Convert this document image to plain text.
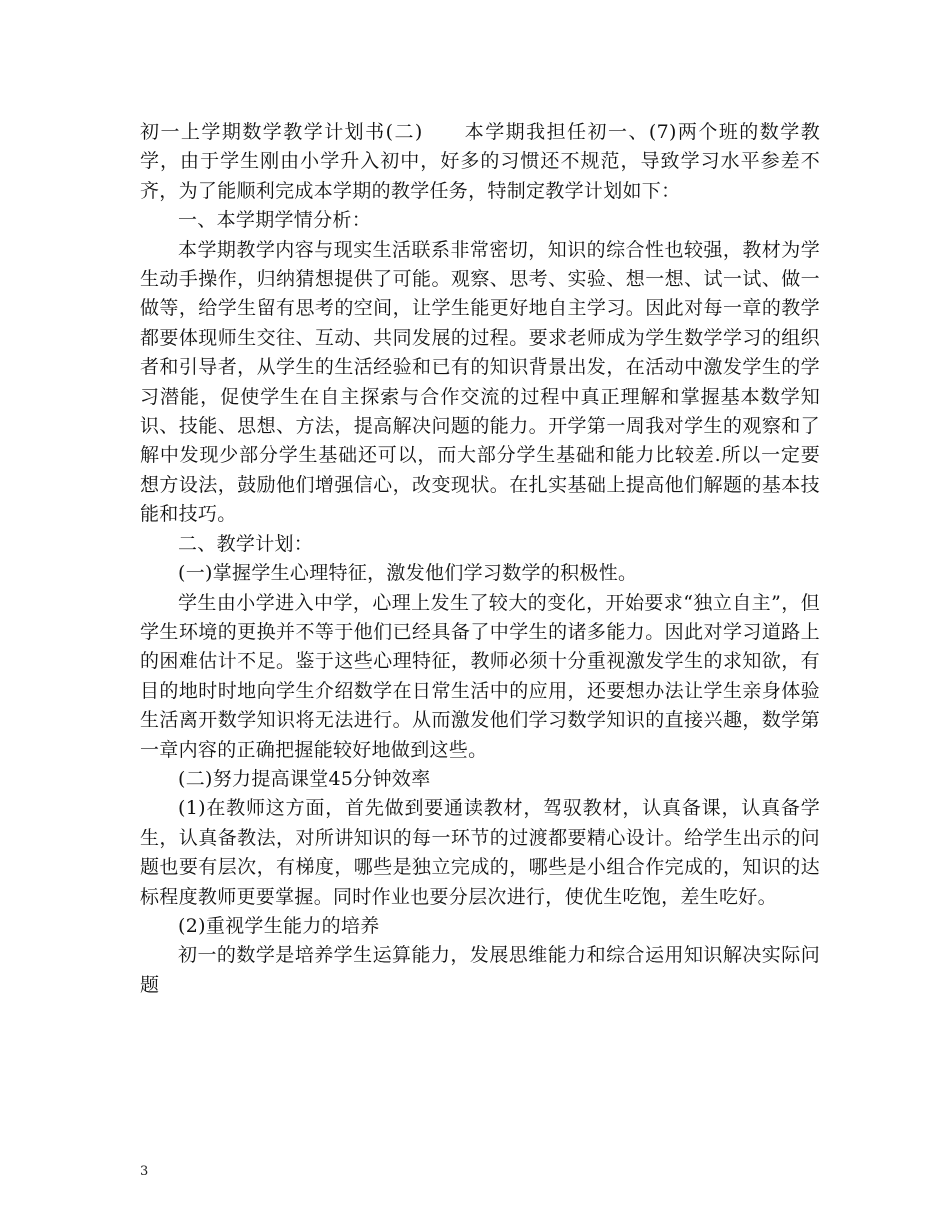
初一上学期数学教学计划书(二)　　本学期我担任初一、(7)两个班的数学教学，由于学生刚由小学升入初中，好多的习惯还不规范，导致学习水平参差不齐，为了能顺利完成本学期的教学任务，特制定教学计划如下：

一、本学期学情分析：

本学期教学内容与现实生活联系非常密切，知识的综合性也较强，教材为学生动手操作，归纳猜想提供了可能。观察、思考、实验、想一想、试一试、做一做等，给学生留有思考的空间，让学生能更好地自主学习。因此对每一章的教学都要体现师生交往、互动、共同发展的过程。要求老师成为学生数学学习的组织者和引导者，从学生的生活经验和已有的知识背景出发，在活动中激发学生的学习潜能，促使学生在自主探索与合作交流的过程中真正理解和掌握基本数学知识、技能、思想、方法，提高解决问题的能力。开学第一周我对学生的观察和了解中发现少部分学生基础还可以，而大部分学生基础和能力比较差.所以一定要想方设法，鼓励他们增强信心，改变现状。在扎实基础上提高他们解题的基本技能和技巧。

二、教学计划：

(一)掌握学生心理特征，激发他们学习数学的积极性。

学生由小学进入中学，心理上发生了较大的变化，开始要求“独立自主”，但学生环境的更换并不等于他们已经具备了中学生的诸多能力。因此对学习道路上的困难估计不足。鉴于这些心理特征，教师必须十分重视激发学生的求知欲，有目的地时时地向学生介绍数学在日常生活中的应用，还要想办法让学生亲身体验生活离开数学知识将无法进行。从而激发他们学习数学知识的直接兴趣，数学第一章内容的正确把握能较好地做到这些。

(二)努力提高课堂45分钟效率

(1)在教师这方面，首先做到要通读教材，驾驭教材，认真备课，认真备学生，认真备教法，对所讲知识的每一环节的过渡都要精心设计。给学生出示的问题也要有层次，有梯度，哪些是独立完成的，哪些是小组合作完成的，知识的达标程度教师更要掌握。同时作业也要分层次进行，使优生吃饱，差生吃好。

(2)重视学生能力的培养

初一的数学是培养学生运算能力，发展思维能力和综合运用知识解决实际问题

3
